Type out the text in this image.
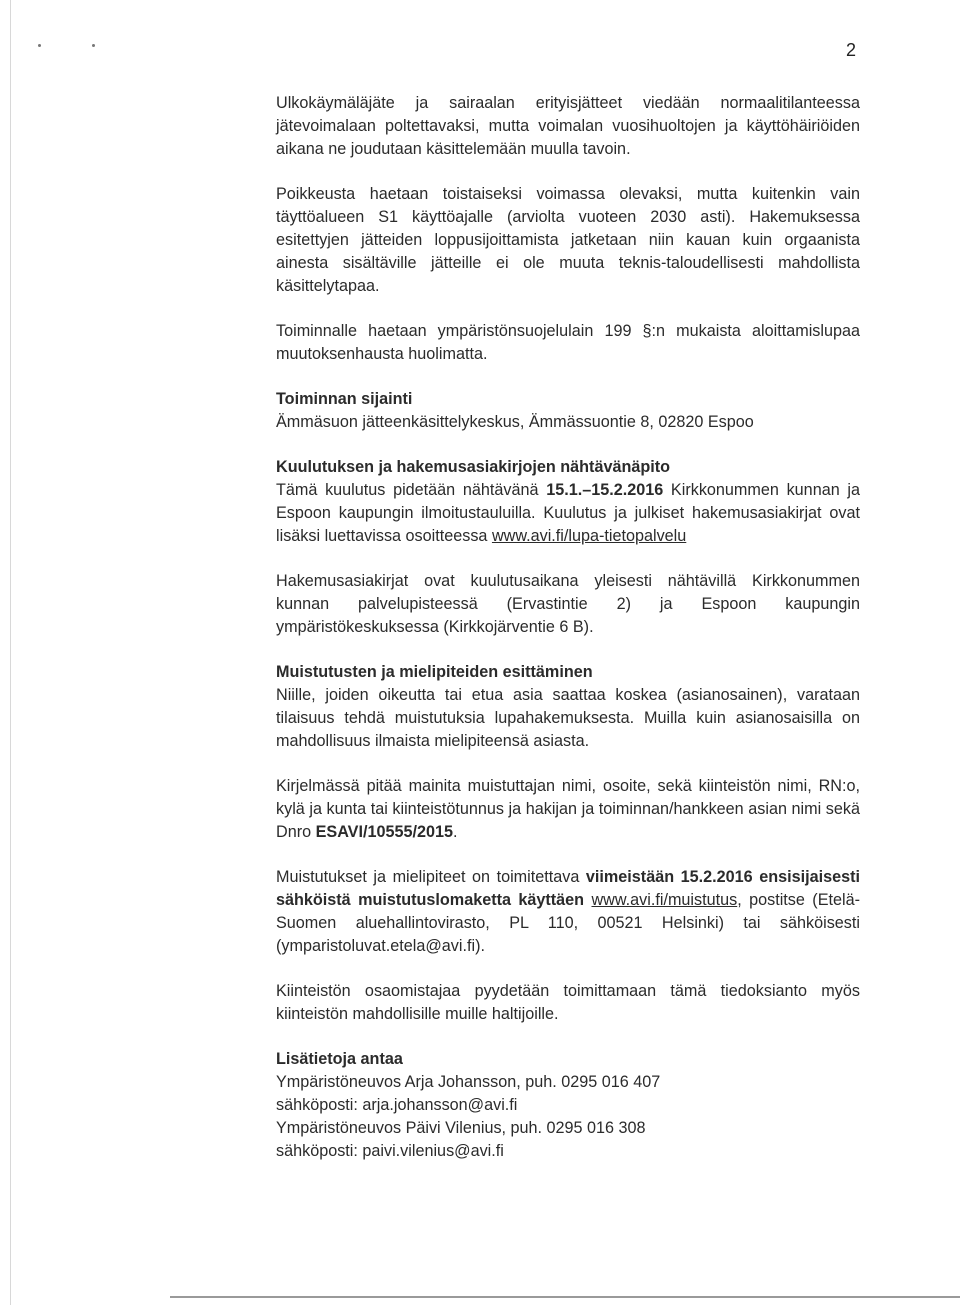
2

Ulkokäymäläjäte ja sairaalan erityisjätteet viedään normaalitilanteessa jätevoimalaan poltettavaksi, mutta voimalan vuosihuoltojen ja käyttöhäiriöiden aikana ne joudutaan käsittelemään muulla tavoin.

Poikkeusta haetaan toistaiseksi voimassa olevaksi, mutta kuitenkin vain täyttöalueen S1 käyttöajalle (arviolta vuoteen 2030 asti). Hakemuksessa esitettyjen jätteiden loppusijoittamista jatketaan niin kauan kuin orgaanista ainesta sisältäville jätteille ei ole muuta teknis-taloudellisesti mahdollista käsittelytapaa.

Toiminnalle haetaan ympäristönsuojelulain 199 §:n mukaista aloittamislupaa muutoksenhausta huolimatta.

Toiminnan sijainti
Ämmäsuon jätteenkäsittelykeskus, Ämmässuontie 8, 02820 Espoo
Kuulutuksen ja hakemusasiakirjojen nähtävänäpito

Tämä kuulutus pidetään nähtävänä 15.1.–15.2.2016 Kirkkonummen kunnan ja Espoon kaupungin ilmoitustauluilla. Kuulutus ja julkiset hakemusasiakirjat ovat lisäksi luettavissa osoitteessa www.avi.fi/lupa-tietopalvelu

Hakemusasiakirjat ovat kuulutusaikana yleisesti nähtävillä Kirkkonummen kunnan palvelupisteessä (Ervastintie 2) ja Espoon kaupungin ympäristökeskuksessa (Kirkkojärventie 6 B).

Muistutusten ja mielipiteiden esittäminen

Niille, joiden oikeutta tai etua asia saattaa koskea (asianosainen), varataan tilaisuus tehdä muistutuksia lupahakemuksesta. Muilla kuin asianosaisilla on mahdollisuus ilmaista mielipiteensä asiasta.

Kirjelmässä pitää mainita muistuttajan nimi, osoite, sekä kiinteistön nimi, RN:o, kylä ja kunta tai kiinteistötunnus ja hakijan ja toiminnan/hankkeen asian nimi sekä Dnro ESAVI/10555/2015.

Muistutukset ja mielipiteet on toimitettava viimeistään 15.2.2016 ensisijaisesti sähköistä muistutuslomaketta käyttäen www.avi.fi/muistutus, postitse (Etelä-Suomen aluehallintovirasto, PL 110, 00521 Helsinki) tai sähköisesti (ymparistoluvat.etela@avi.fi).

Kiinteistön osaomistajaa pyydetään toimittamaan tämä tiedoksianto myös kiinteistön mahdollisille muille haltijoille.

Lisätietoja antaa
Ympäristöneuvos Arja Johansson, puh. 0295 016 407
sähköposti: arja.johansson@avi.fi
Ympäristöneuvos Päivi Vilenius, puh. 0295 016 308
sähköposti: paivi.vilenius@avi.fi
